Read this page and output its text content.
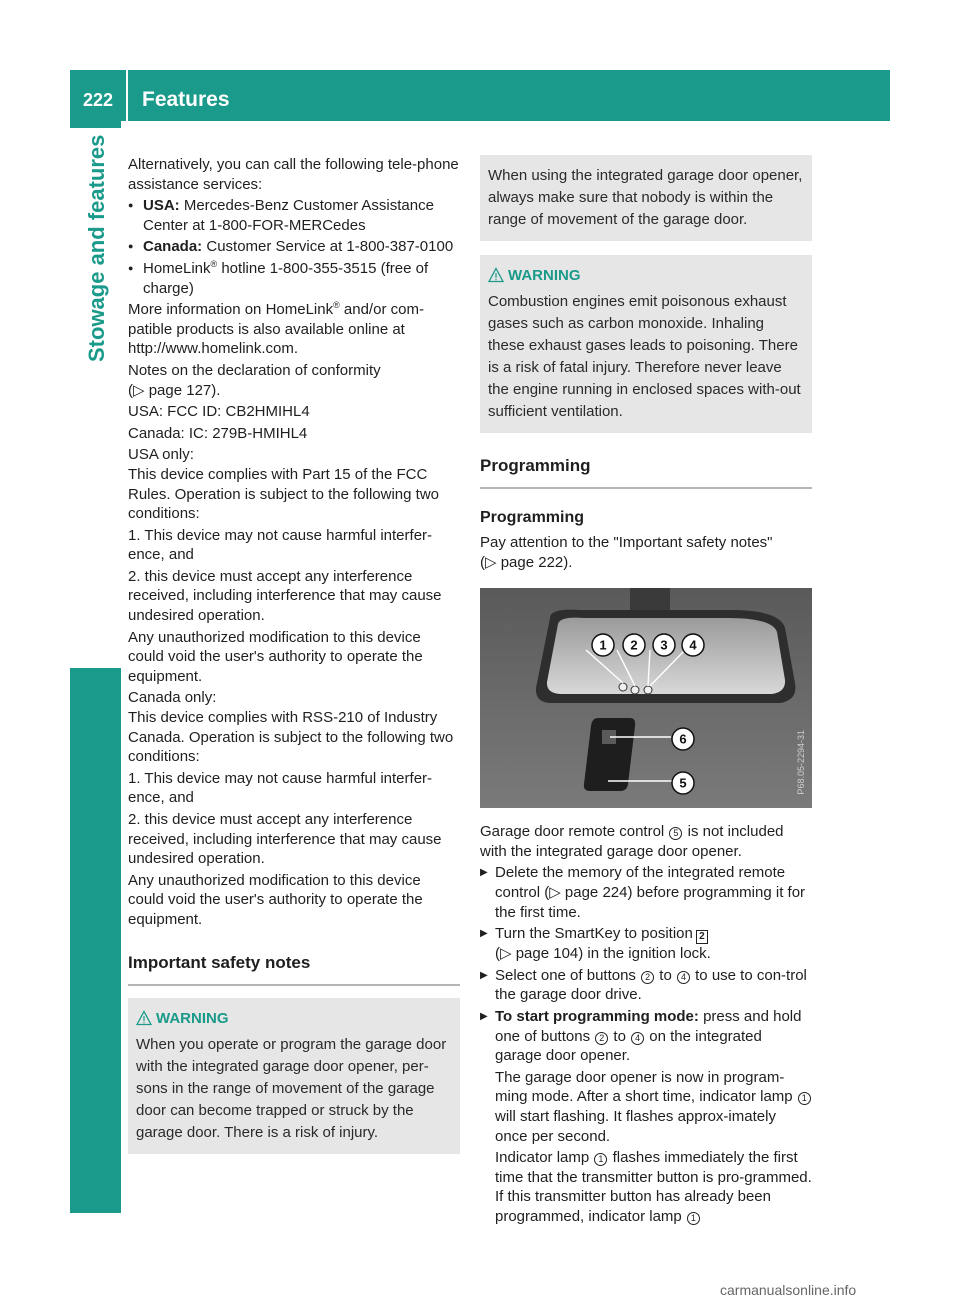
222	Features
Stowage and features Alternatively, you can call the following tele-phone assistance services:

● USA: Mercedes-Benz Customer Assistance Center at 1-800-FOR-MERCedes
● Canada: Customer Service at 1-800-387-0100
● HomeLink® hotline 1-800-355-3515 (free of charge)

More information on HomeLink® and/or com-patible products is also available online at http://www.homelink.com.

Notes on the declaration of conformity
(▷ page 127).

USA: FCC ID: CB2HMIHL4

Canada: IC: 279B-HMIHL4

USA only:

This device complies with Part 15 of the FCC Rules. Operation is subject to the following two conditions:

1. This device may not cause harmful interfer-ence, and

2. this device must accept any interference received, including interference that may cause undesired operation.

Any unauthorized modification to this device could void the user's authority to operate the equipment.

Canada only:

This device complies with RSS-210 of Industry Canada. Operation is subject to the following two conditions:

1. This device may not cause harmful interfer-ence, and

2. this device must accept any interference received, including interference that may cause undesired operation.

Any unauthorized modification to this device could void the user's authority to operate the equipment.

Important safety notes
WARNING

When you operate or program the garage door with the integrated garage door opener, per-sons in the range of movement of the garage door can become trapped or struck by the garage door. There is a risk of injury.

When using the integrated garage door opener, always make sure that nobody is within the range of movement of the garage door.

WARNING

Combustion engines emit poisonous exhaust gases such as carbon monoxide. Inhaling these exhaust gases leads to poisoning. There is a risk of fatal injury. Therefore never leave the engine running in enclosed spaces with-out sufficient ventilation.

Programming
Programming

Pay attention to the "Important safety notes"

(▷ page 222).

1 2 3 4
6
5	P68.05-2294-31

Garage door remote control 5 is not included with the integrated garage door opener.

▶ Delete the memory of the integrated remote control (▷ page 224) before programming it for the first time.
▶ Turn the SmartKey to position 2
(▷ page 104) in the ignition lock.
▶ Select one of buttons 2 to 4 to use to con-trol the garage door drive.
▶ To start programming mode: press and hold one of buttons 2 to 4 on the integrated garage door opener.

The garage door opener is now in program-ming mode. After a short time, indicator lamp 1 will start flashing. It flashes approx-imately once per second.

Indicator lamp 1 flashes immediately the first time that the transmitter button is pro-grammed. If this transmitter button has already been programmed, indicator lamp 1

carmanualsonline.info
